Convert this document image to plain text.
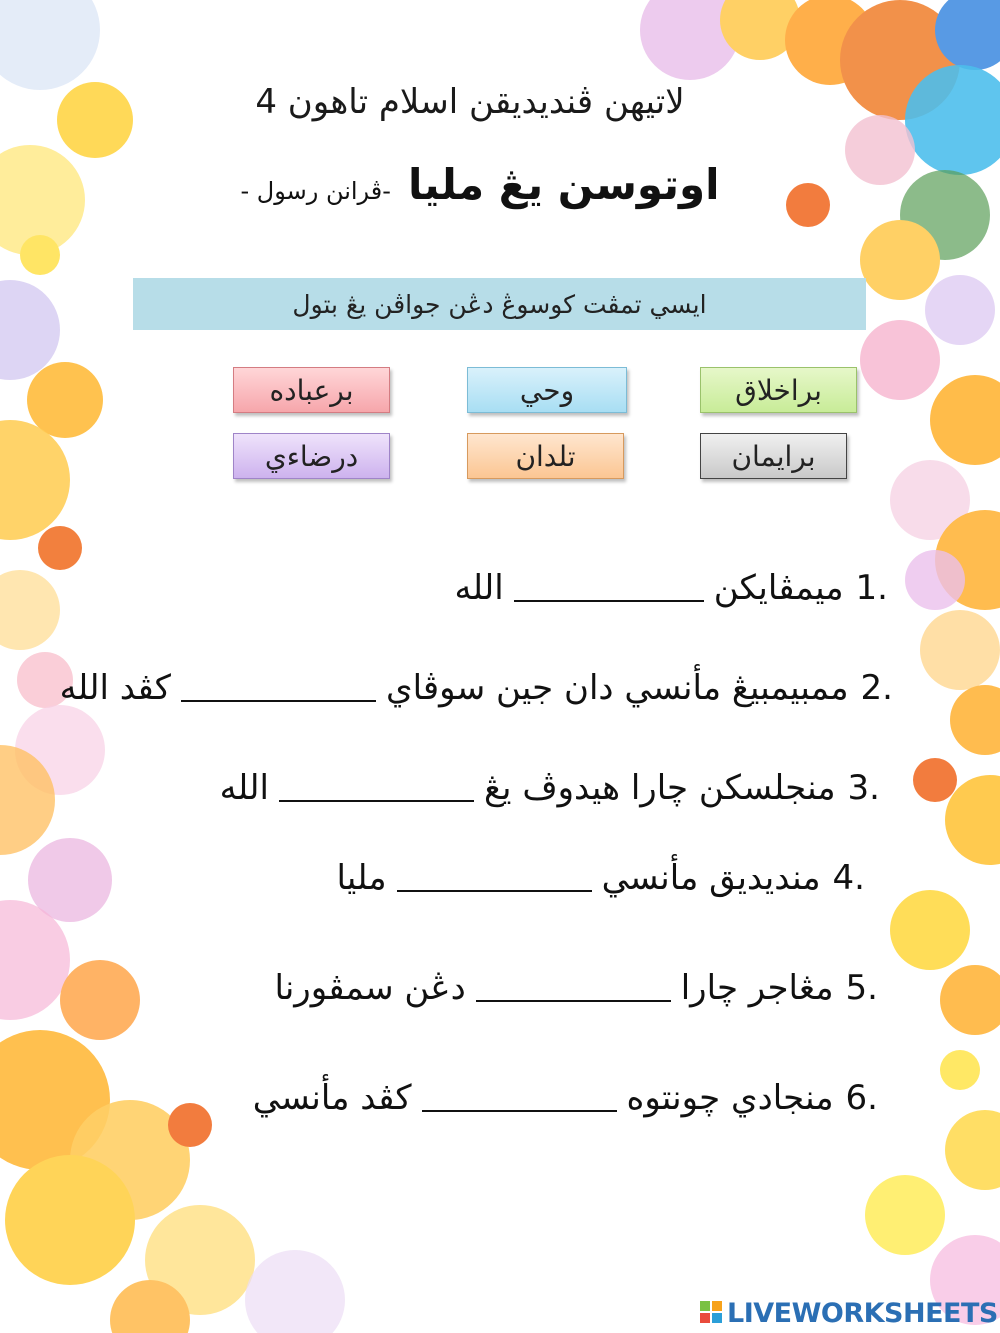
لاتيهن ڤنديديقن اسلام تاهون 4
اوتوسن يڠ مليا -ڤرانن رسول -
ايسي تمڤت كوسوڠ دڠن جواڤن يڠ بتول
براخلاق
وحي
برعباده
برايمان
تلدان
درضاءي
1.
ميمڤايكن
الله
2.
ممبيمبيڠ مأنسي دان جين سوڤاي
كڤد الله
3.
منجلسكن چارا هيدوڤ يڠ
الله
4.
منديديق مأنسي
مليا
5.
مڠاجر چارا
دڠن سمڤورنا
6.
منجادي چونتوه
كڤد مأنسي
LIVE WORKSHEETS
